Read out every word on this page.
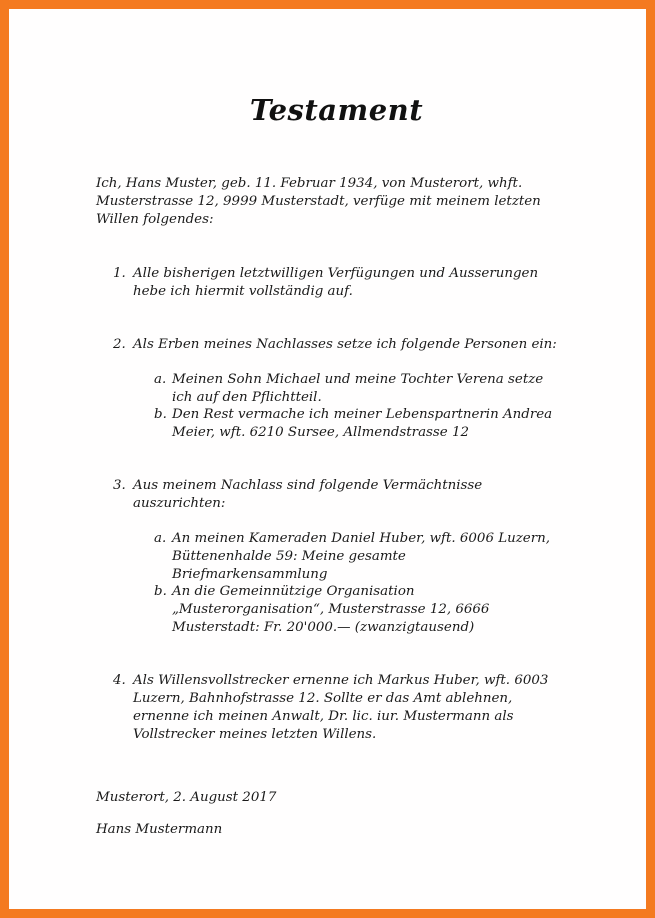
Testament
Ich, Hans Muster, geb. 11. Februar 1934, von Musterort, whft.
Musterstrasse 12, 9999 Musterstadt, verfüge mit meinem letzten
Willen folgendes:
1. Alle bisherigen letztwilligen Verfügungen und Ausserungen
hebe ich hiermit vollständig auf.
2. Als Erben meines Nachlasses setze ich folgende Personen ein:
a. Meinen Sohn Michael und meine Tochter Verena setze
ich auf den Pflichtteil.
b. Den Rest vermache ich meiner Lebenspartnerin Andrea
Meier, wft. 6210 Sursee, Allmendstrasse 12
3. Aus meinem Nachlass sind folgende Vermächtnisse
auszurichten:
a. An meinen Kameraden Daniel Huber, wft. 6006 Luzern,
Büttenenhalde 59: Meine gesamte
Briefmarkensammlung
b. An die Gemeinnützige Organisation
„Musterorganisation“, Musterstrasse 12, 6666
Musterstadt: Fr. 20'000.— (zwanzigtausend)
4. Als Willensvollstrecker ernenne ich Markus Huber, wft. 6003
Luzern, Bahnhofstrasse 12. Sollte er das Amt ablehnen,
ernenne ich meinen Anwalt, Dr. lic. iur. Mustermann als
Vollstrecker meines letzten Willens.
Musterort, 2. August 2017
Hans Mustermann
